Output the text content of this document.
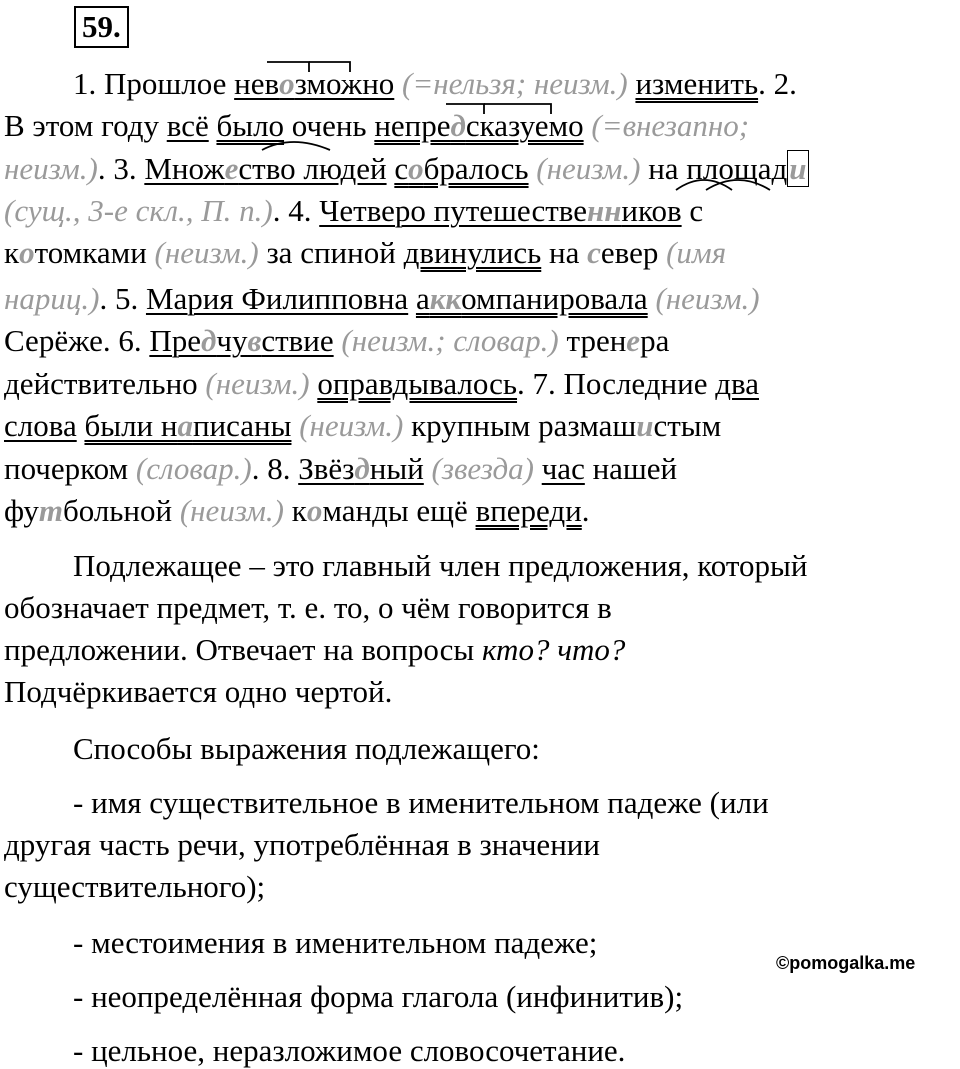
59.
1. Прошлое невозможно (=нельзя; неизм.) изменить. 2.
В этом году всё было очень непредсказуемо (=внезапно;
неизм.). 3. Множество людей собралось (неизм.) на площади
(сущ., 3-е скл., П. п.). 4. Четверо путешественников с
котомками (неизм.) за спиной двинулись на север (имя
нариц.). 5. Мария Филипповна аккомпанировала (неизм.)
Серёже. 6. Предчувствие (неизм.; словар.) тренера
действительно (неизм.) оправдывалось. 7. Последние два
слова были написаны (неизм.) крупным размашистым
почерком (словар.). 8. Звёздный (звезда) час нашей
футбольной (неизм.) команды ещё впереди.
Подлежащее – это главный член предложения, который
обозначает предмет, т. е. то, о чём говорится в
предложении. Отвечает на вопросы кто? что?
Подчёркивается одно чертой.
Способы выражения подлежащего:
- имя существительное в именительном падеже (или
другая часть речи, употреблённая в значении
существительного);
- местоимения в именительном падеже;
- неопределённая форма глагола (инфинитив);
- цельное, неразложимое словосочетание.
©pomogalka.me
